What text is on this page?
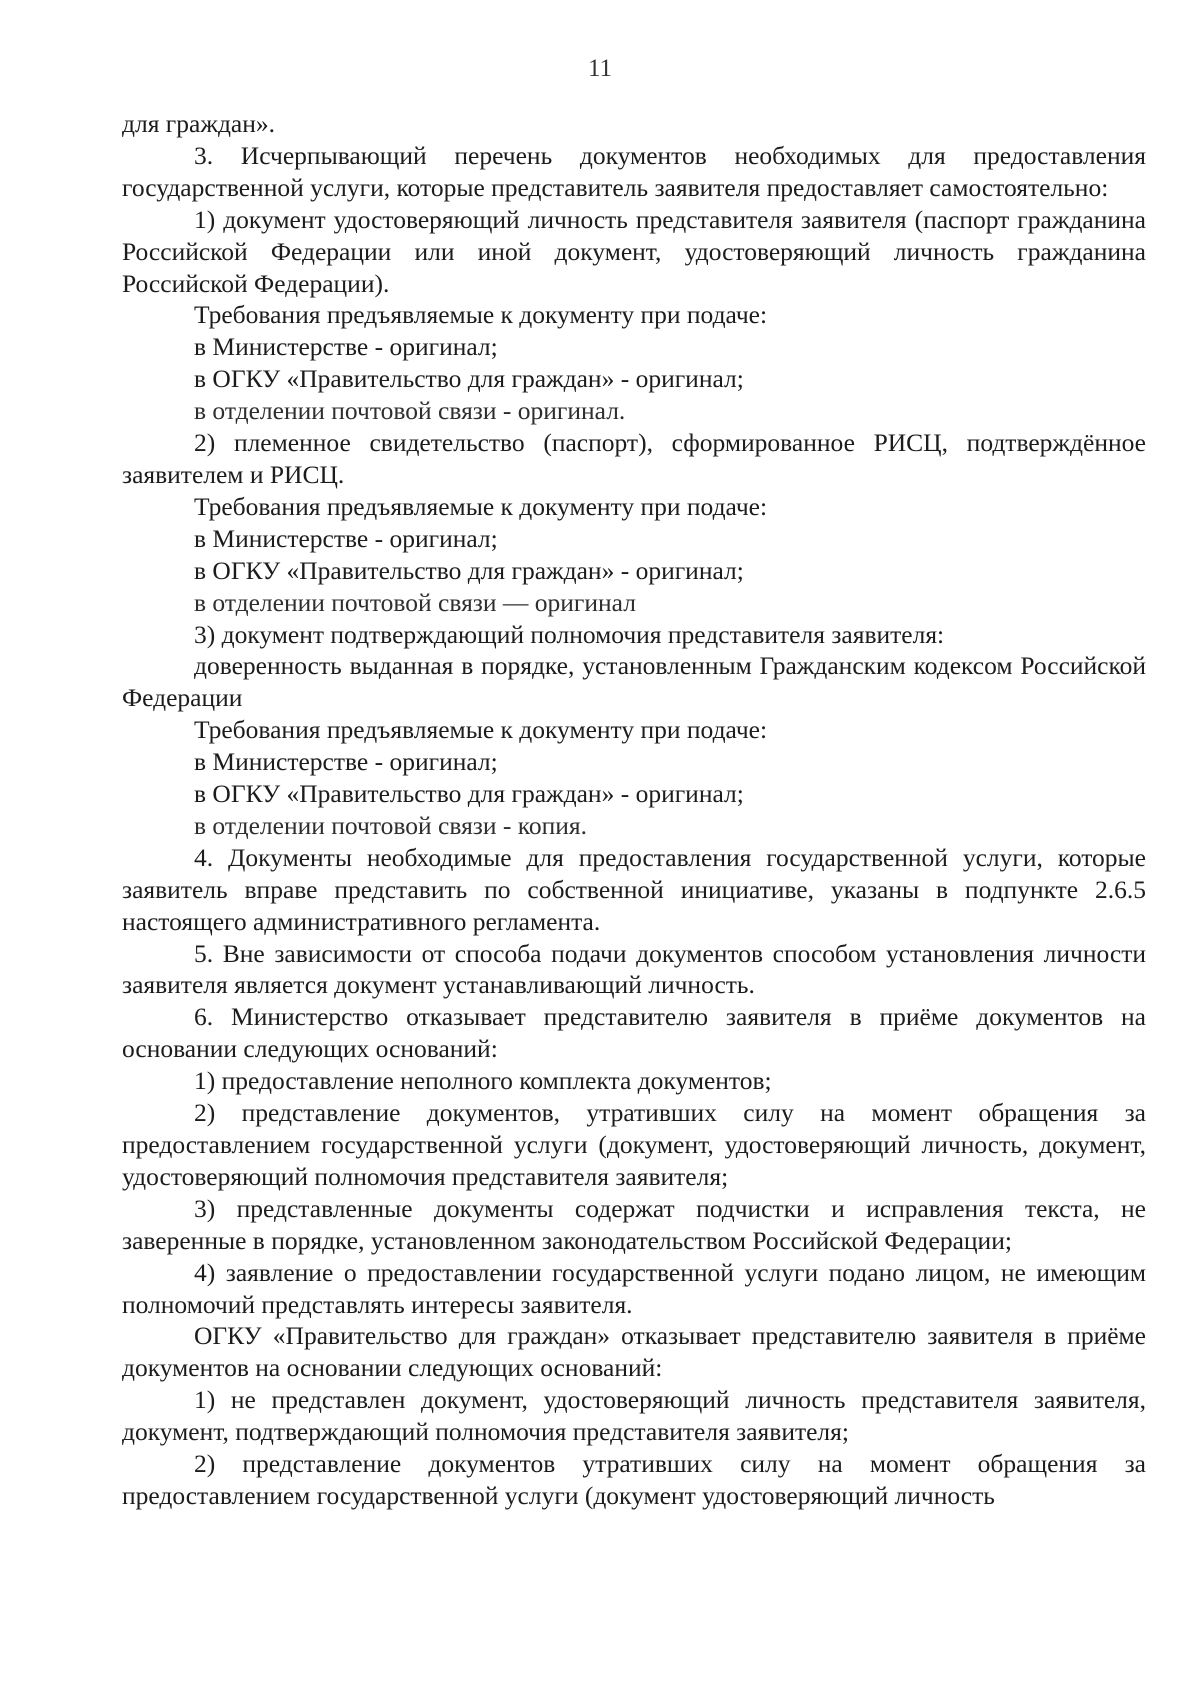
11

для граждан».

3. Исчерпывающий перечень документов необходимых для предоставления государственной услуги, которые представитель заявителя предоставляет самостоятельно:

1) документ удостоверяющий личность представителя заявителя (паспорт гражданина Российской Федерации или иной документ, удостоверяющий личность гражданина Российской Федерации).

Требования предъявляемые к документу при подаче:

в Министерстве - оригинал;

в ОГКУ «Правительство для граждан» - оригинал;

в отделении почтовой связи - оригинал.

2) племенное свидетельство (паспорт), сформированное РИСЦ, подтверждённое заявителем и РИСЦ.

Требования предъявляемые к документу при подаче:

в Министерстве - оригинал;

в ОГКУ «Правительство для граждан» - оригинал;

в отделении почтовой связи — оригинал

3) документ подтверждающий полномочия представителя заявителя:

доверенность выданная в порядке, установленным Гражданским кодексом Российской Федерации

Требования предъявляемые к документу при подаче:

в Министерстве - оригинал;

в ОГКУ «Правительство для граждан» - оригинал;

в отделении почтовой связи - копия.

4. Документы необходимые для предоставления государственной услуги, которые заявитель вправе представить по собственной инициативе, указаны в подпункте 2.6.5 настоящего административного регламента.

5. Вне зависимости от способа подачи документов способом установления личности заявителя является документ устанавливающий личность.

6. Министерство отказывает представителю заявителя в приёме документов на основании следующих оснований:

1) предоставление неполного комплекта документов;

2) представление документов, утративших силу на момент обращения за предоставлением государственной услуги (документ, удостоверяющий личность, документ, удостоверяющий полномочия представителя заявителя;

3) представленные документы содержат подчистки и исправления текста, не заверенные в порядке, установленном законодательством Российской Федерации;

4) заявление о предоставлении государственной услуги подано лицом, не имеющим полномочий представлять интересы заявителя.

ОГКУ «Правительство для граждан» отказывает представителю заявителя в приёме документов на основании следующих оснований:

1) не представлен документ, удостоверяющий личность представителя заявителя, документ, подтверждающий полномочия представителя заявителя;

2) представление документов утративших силу на момент обращения за предоставлением государственной услуги (документ удостоверяющий личность
